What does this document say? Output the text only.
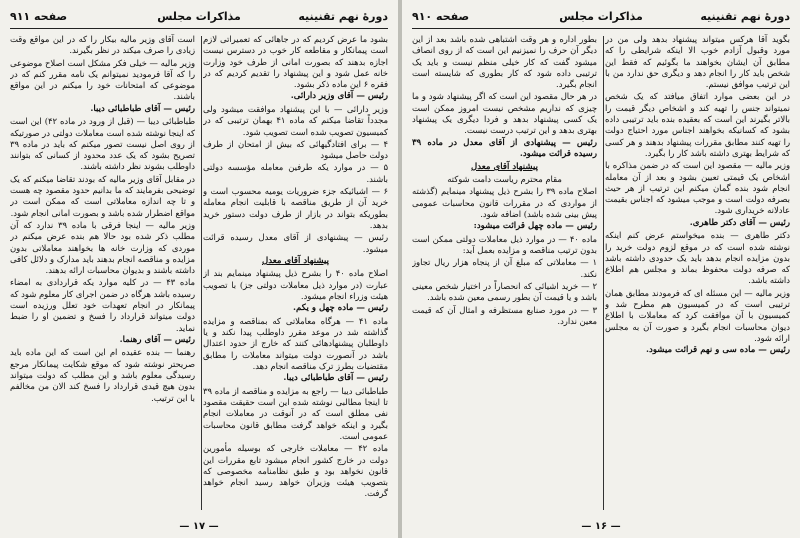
دورهٔ نهم تقنینیه
مذاکرات مجلس
صفحه ۹۱۱

بشود ما عرض کردیم که در جاهائی که تعمیراتی لازم است پیمانکار و مقاطعه کار خوب در دسترس نیست اجازه بدهند که بصورت امانی از طرف خود وزارت خانه عمل شود و این پیشنهاد را تقدیم کردیم که در فقره ۶ این ماده ذکر بشود.

رئیس — آقای وزیر دارائی.

وزیر دارائی — با این پیشنهاد موافقت میشود ولی مجدداً تقاضا میکنم که ماده ۴۱ بهمان ترتیبی که در کمیسیون تصویب شده است تصویب شود.

۴ — برای افتادگیهائی که بیش از امتحان از طرف دولت حاصل میشود

۵ — در موارد یکه طرفین معامله مؤسسه دولتی باشند.

۶ — اشیائیکه جزء ضروریات یومیه محسوب است و خرید آن از طریق مناقصه با قابلیت انجام معامله بطوریکه بتواند در بازار از طرف دولت دستور خرید بدهد.

رئیس — پیشنهادی از آقای معدل رسیده قرائت میشود.

پیشنهاد آقای معدل

اصلاح ماده ۴۰ را بشرح ذیل پیشنهاد مینمایم بند از عبارت (در موارد ذیل معاملات دولتی جز) با تصویب هیئت وزراء انجام میشود.

رئیس — ماده چهل و یکم.

ماده ۴۱ — هرگاه معاملاتی که بمناقصه و مزایده گذاشته شد در موعد مقرر داوطلب پیدا نکند و یا داوطلبان پیشنهادهائی کنند که خارج از حدود اعتدال باشد در آنصورت دولت میتواند معاملات را مطابق مقتضیات بطرز ترک مناقصه انجام دهد.

رئیس — آقای طباطبائی دیبا.

طباطبائی دیبا — راجع به مزایده و مناقصه از ماده ۳۹ تا اینجا مطالبی نوشته شده این است حقیقت مقصود نفی مطلق است که در آنوقت در معاملات انجام بگیرد و اینکه خواهد گرفت مطابق قانون محاسبات عمومی است.

ماده ۴۲ — معاملات خارجی که بوسیله مأمورین دولت در خارج کشور انجام میشود تابع مقررات این قانون نخواهد بود و طبق نظامنامه مخصوصی که بتصویب هیئت وزیران خواهد رسید انجام خواهد گرفت.

است آقای وزیر مالیه بیکار را که در این مواقع وقت زیادی را صرف میکند در نظر بگیرند.

وزیر مالیه — خیلی فکر مشکل است اصلاح موضوعی را که آقا فرمودید نمیتوانم یک نامه مقرر کنم که در موضوعی که امتحانات خود را میکنم در این مواقع باشند.

رئیس — آقای طباطبائی دیبا.

طباطبائی دیبا — (قبل از ورود در ماده ۴۲) این است که اینجا نوشته شده است معاملات دولتی در صورتیکه از روی اصل نیست تصور میکنم که باید در ماده ۳۹ تصریح بشود که یک عدد محدود از کسانی که بتوانند داوطلب بشوند نظر داشته باشند.

در مقابل آقای وزیر مالیه که بودند تقاضا میکنم که یک توضیحی بفرمایند که ما بدانیم حدود مقصود چه هست و تا چه اندازه معاملاتی است که ممکن است در مواقع اضطرار شده باشد و بصورت امانی انجام شود.

وزیر مالیه — اینجا فرقی با ماده ۳۹ ندارد که آن مطلب ذکر شده بود حالا هم بنده عرض میکنم در موردی که وزارت خانه ها بخواهند معاملاتی بدون مزایده و مناقصه انجام بدهند باید مدارک و دلائل کافی داشته باشند و بدیوان محاسبات ارائه بدهند.

ماده ۴۳ — در کلیه موارد یکه قراردادی به امضاء رسیده باشد هرگاه در ضمن اجرای کار معلوم شود که پیمانکار در انجام تعهدات خود تعلل ورزیده است دولت میتواند قرارداد را فسخ و تضمین او را ضبط نماید.

رئیس — آقای رهنما.

رهنما — بنده عقیده ام این است که این ماده باید صریحتر نوشته شود که موقع شکایت پیمانکار مرجع رسیدگی معلوم باشد و این مطلب که دولت میتواند بدون هیچ قیدی قرارداد را فسخ کند الان من مخالفم با این ترتیب.

— ۱۷ —
دورهٔ نهم تقنینیه
مذاکرات مجلس
صفحه ۹۱۰

بگوید آقا هرکس میتواند پیشنهاد بدهد ولی من در مورد وقبول آزادم خوب الا اینکه شرایطی را که مطابق آن ایشان بخواهند ما بگوئیم که فقط این شخص باید کار را انجام دهد و دیگری حق ندارد من با این ترتیب موافق نیستم.

در این بعضی موارد اتفاق میافتد که یک شخص نمیتواند جنس را تهیه کند و اشخاص دیگر قیمت را بالاتر بگیرند این است که بعقیده بنده باید ترتیبی داده بشود که کسانیکه بخواهند اجناس مورد احتیاج دولت را تهیه کنند مطابق مقررات پیشنهاد بدهند و هر کسی که شرایط بهتری داشته باشد کار را بگیرد.

وزیر مالیه — مقصود این است که در ضمن مذاکره با اشخاص یک قیمتی تعیین بشود و بعد از آن معامله انجام شود بنده گمان میکنم این ترتیب از هر حیث بصرفه دولت است و موجب میشود که اجناس بقیمت عادلانه خریداری شود.

رئیس — آقای دکتر طاهری.

دکتر طاهری — بنده میخواستم عرض کنم اینکه نوشته شده است که در موقع لزوم دولت خرید را بدون مزایده انجام بدهد باید یک حدودی داشته باشد که صرفه دولت محفوظ بماند و مجلس هم اطلاع داشته باشد.

وزیر مالیه — این مسئله ای که فرمودند مطابق همان ترتیبی است که در کمیسیون هم مطرح شد و کمیسیون با آن موافقت کرد که معاملات با اطلاع دیوان محاسبات انجام بگیرد و صورت آن به مجلس ارائه شود.

رئیس — ماده سی و نهم قرائت میشود.

بطور اداره و هر وقت اشتباهی شده باشد بعد از این دیگر آن حرف را نمیزنیم این است که از روی انصاف میشود گفت که کار خیلی منظم نیست و باید یک ترتیبی داده شود که کار بطوری که شایسته است انجام بگیرد.

در هر حال مقصود این است که اگر پیشنهاد شود و ما چیزی که نداریم مشخص نیست امروز ممکن است یک کسی پیشنهاد بدهد و فردا دیگری یک پیشنهاد بهتری بدهد و این ترتیب درست نیست.

رئیس — پیشنهادی از آقای معدل در ماده ۳۹ رسیده قرائت میشود.

پیشنهاد آقای معدل

مقام محترم ریاست دامت شوکته

اصلاح ماده ۳۹ را بشرح ذیل پیشنهاد مینمایم (گذشته از مواردی که در مقررات قانون محاسبات عمومی پیش بینی شده باشد) اضافه شود.

رئیس — ماده چهل قرائت میشود:

ماده ۴۰ — در موارد ذیل معاملات دولتی ممکن است بدون ترتیب مناقصه و مزایده بعمل آید:

۱ — معاملاتی که مبلغ آن از پنجاه هزار ریال تجاوز نکند.

۲ — خرید اشیائی که انحصاراً در اختیار شخص معینی باشد و یا قیمت آن بطور رسمی معین شده باشد.

۳ — در مورد صنایع مستظرفه و امثال آن که قیمت معین ندارد.

— ۱۶ —
